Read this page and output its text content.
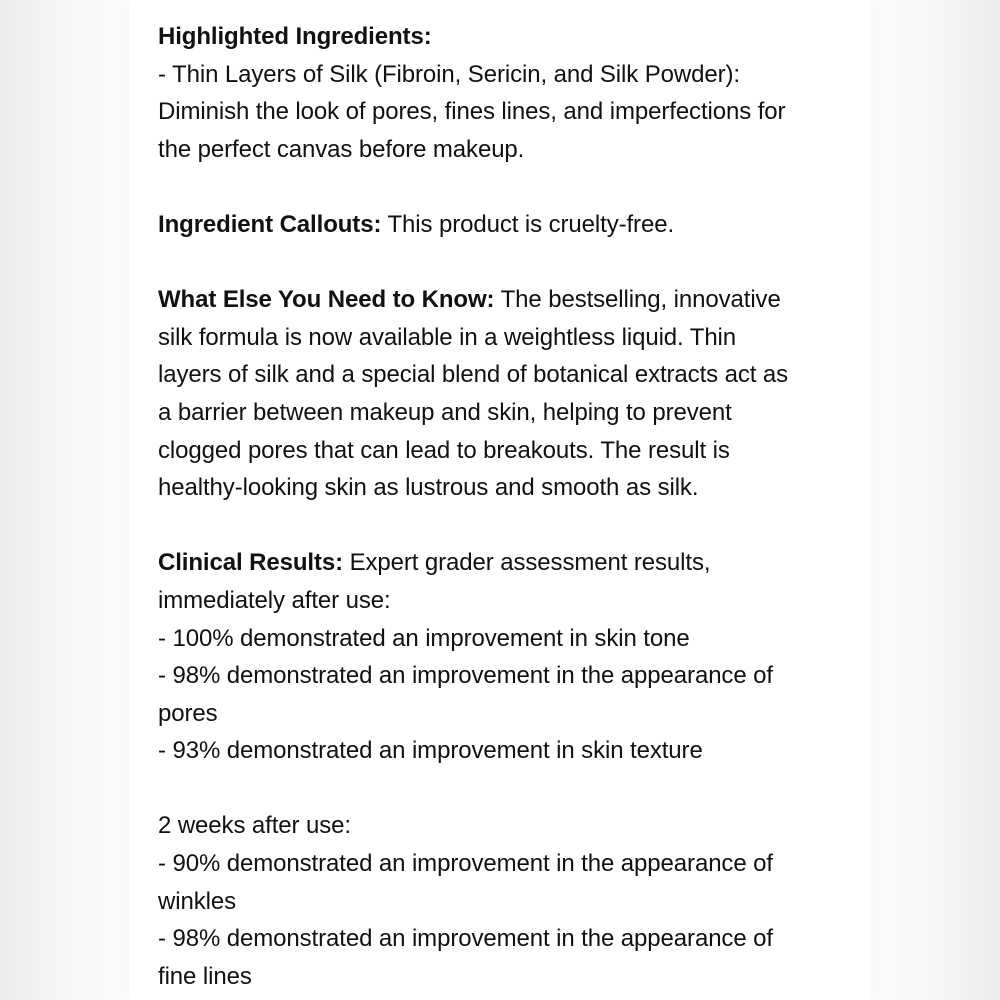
Highlighted Ingredients:
- Thin Layers of Silk (Fibroin, Sericin, and Silk Powder):
Diminish the look of pores, fines lines, and imperfections for
the perfect canvas before makeup.
Ingredient Callouts: This product is cruelty-free.
What Else You Need to Know: The bestselling, innovative
silk formula is now available in a weightless liquid. Thin
layers of silk and a special blend of botanical extracts act as
a barrier between makeup and skin, helping to prevent
clogged pores that can lead to breakouts. The result is
healthy-looking skin as lustrous and smooth as silk.
Clinical Results: Expert grader assessment results,
immediately after use:
- 100% demonstrated an improvement in skin tone
- 98% demonstrated an improvement in the appearance of
pores
- 93% demonstrated an improvement in skin texture
2 weeks after use:
- 90% demonstrated an improvement in the appearance of
winkles
- 98% demonstrated an improvement in the appearance of
fine lines
